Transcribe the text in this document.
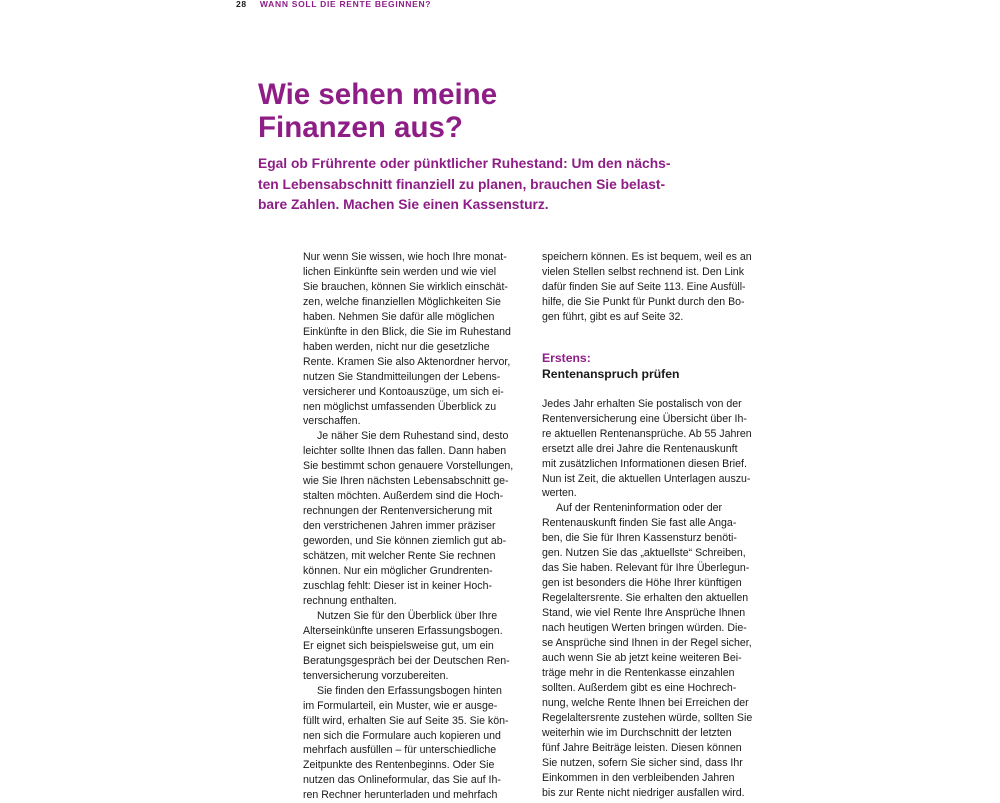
28 WANN SOLL DIE RENTE BEGINNEN?
Wie sehen meine
Finanzen aus?

Egal ob Frührente oder pünktlicher Ruhestand: Um den nächs-
ten Lebensabschnitt finanziell zu planen, brauchen Sie belast-
bare Zahlen. Machen Sie einen Kassensturz.

Nur wenn Sie wissen, wie hoch Ihre monat-
lichen Einkünfte sein werden und wie viel
Sie brauchen, können Sie wirklich einschät-
zen, welche finanziellen Möglichkeiten Sie
haben. Nehmen Sie dafür alle möglichen
Einkünfte in den Blick, die Sie im Ruhestand
haben werden, nicht nur die gesetzliche
Rente. Kramen Sie also Aktenordner hervor,
nutzen Sie Standmitteilungen der Lebens-
versicherer und Kontoauszüge, um sich ei-
nen möglichst umfassenden Überblick zu
verschaffen.

Je näher Sie dem Ruhestand sind, desto
leichter sollte Ihnen das fallen. Dann haben
Sie bestimmt schon genauere Vorstellungen,
wie Sie Ihren nächsten Lebensabschnitt ge-
stalten möchten. Außerdem sind die Hoch-
rechnungen der Rentenversicherung mit
den verstrichenen Jahren immer präziser
geworden, und Sie können ziemlich gut ab-
schätzen, mit welcher Rente Sie rechnen
können. Nur ein möglicher Grundrenten-
zuschlag fehlt: Dieser ist in keiner Hoch-
rechnung enthalten.

Nutzen Sie für den Überblick über Ihre
Alterseinkünfte unseren Erfassungsbogen.
Er eignet sich beispielsweise gut, um ein
Beratungsgespräch bei der Deutschen Ren-
tenversicherung vorzubereiten.

Sie finden den Erfassungsbogen hinten
im Formularteil, ein Muster, wie er ausge-
füllt wird, erhalten Sie auf Seite 35. Sie kön-
nen sich die Formulare auch kopieren und
mehrfach ausfüllen – für unterschiedliche
Zeitpunkte des Rentenbeginns. Oder Sie
nutzen das Onlineformular, das Sie auf Ih-
ren Rechner herunterladen und mehrfach

speichern können. Es ist bequem, weil es an
vielen Stellen selbst rechnend ist. Den Link
dafür finden Sie auf Seite 113. Eine Ausfüll-
hilfe, die Sie Punkt für Punkt durch den Bo-
gen führt, gibt es auf Seite 32.

Erstens:

Rentenanspruch prüfen

Jedes Jahr erhalten Sie postalisch von der
Rentenversicherung eine Übersicht über Ih-
re aktuellen Rentenansprüche. Ab 55 Jahren
ersetzt alle drei Jahre die Rentenauskunft
mit zusätzlichen Informationen diesen Brief.
Nun ist Zeit, die aktuellen Unterlagen auszu-
werten.

Auf der Renteninformation oder der
Rentenauskunft finden Sie fast alle Anga-
ben, die Sie für Ihren Kassensturz benöti-
gen. Nutzen Sie das „aktuellste“ Schreiben,
das Sie haben. Relevant für Ihre Überlegun-
gen ist besonders die Höhe Ihrer künftigen
Regelaltersrente. Sie erhalten den aktuellen
Stand, wie viel Rente Ihre Ansprüche Ihnen
nach heutigen Werten bringen würden. Die-
se Ansprüche sind Ihnen in der Regel sicher,
auch wenn Sie ab jetzt keine weiteren Bei-
träge mehr in die Rentenkasse einzahlen
sollten. Außerdem gibt es eine Hochrech-
nung, welche Rente Ihnen bei Erreichen der
Regelaltersrente zustehen würde, sollten Sie
weiterhin wie im Durchschnitt der letzten
fünf Jahre Beiträge leisten. Diesen können
Sie nutzen, sofern Sie sicher sind, dass Ihr
Einkommen in den verbleibenden Jahren
bis zur Rente nicht niedriger ausfallen wird.
